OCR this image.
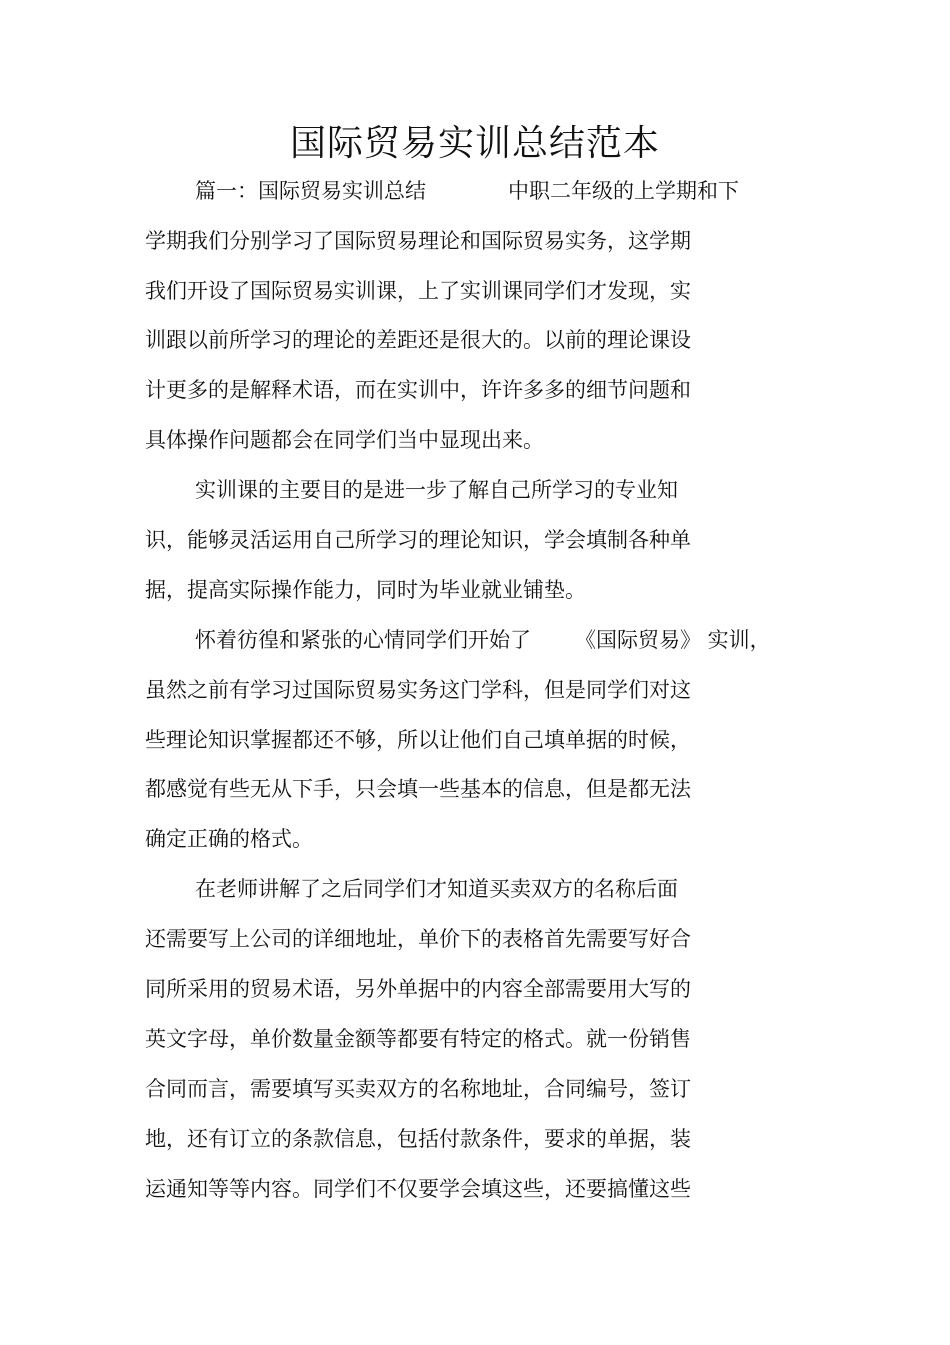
国际贸易实训总结范本

篇一：国际贸易实训总结	中职二年级的上学期和下

学期我们分别学习了国际贸易理论和国际贸易实务，这学期

我们开设了国际贸易实训课，上了实训课同学们才发现，实

训跟以前所学习的理论的差距还是很大的。以前的理论课设

计更多的是解释术语，而在实训中，许许多多的细节问题和

具体操作问题都会在同学们当中显现出来。

实训课的主要目的是进一步了解自己所学习的专业知

识，能够灵活运用自己所学习的理论知识，学会填制各种单

据，提高实际操作能力，同时为毕业就业铺垫。

怀着彷徨和紧张的心情同学们开始了 《国际贸易》 实训，

虽然之前有学习过国际贸易实务这门学科，但是同学们对这

些理论知识掌握都还不够，所以让他们自己填单据的时候，

都感觉有些无从下手，只会填一些基本的信息，但是都无法

确定正确的格式。

在老师讲解了之后同学们才知道买卖双方的名称后面

还需要写上公司的详细地址，单价下的表格首先需要写好合

同所采用的贸易术语，另外单据中的内容全部需要用大写的

英文字母，单价数量金额等都要有特定的格式。就一份销售

合同而言，需要填写买卖双方的名称地址，合同编号，签订

地，还有订立的条款信息，包括付款条件，要求的单据，装

运通知等等内容。同学们不仅要学会填这些，还要搞懂这些
